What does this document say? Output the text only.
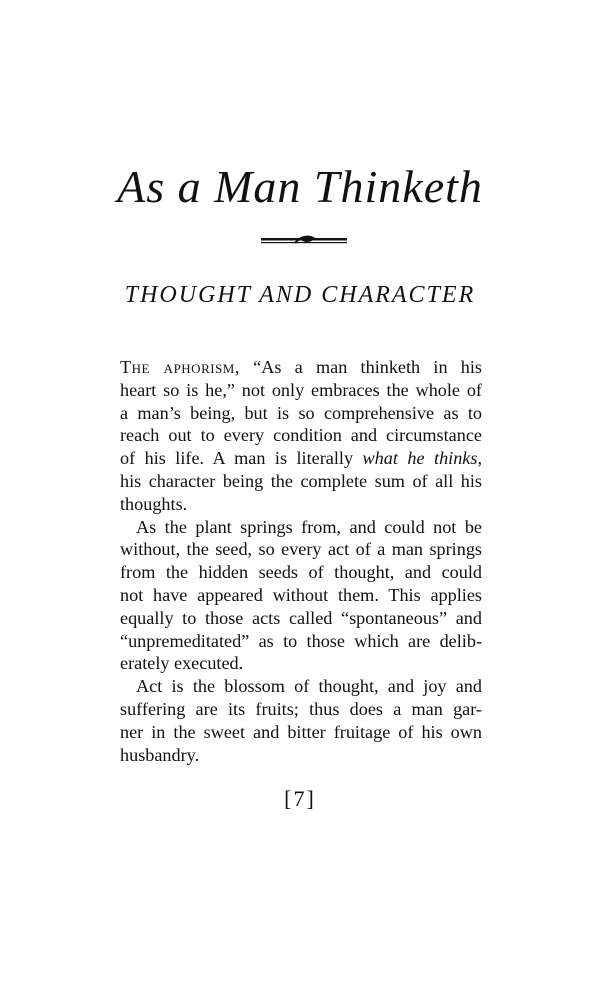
As a Man Thinketh
THOUGHT AND CHARACTER
The aphorism, “As a man thinketh in his
heart so is he,” not only embraces the whole of
a man’s being, but is so comprehensive as to
reach out to every condition and circumstance
of his life. A man is literally what he thinks,
his character being the complete sum of all his
thoughts.
As the plant springs from, and could not be
without, the seed, so every act of a man springs
from the hidden seeds of thought, and could
not have appeared without them. This applies
equally to those acts called “spontaneous” and
“unpremeditated” as to those which are delib-
erately executed.
Act is the blossom of thought, and joy and
suffering are its fruits; thus does a man gar-
ner in the sweet and bitter fruitage of his own
husbandry.
[7]
